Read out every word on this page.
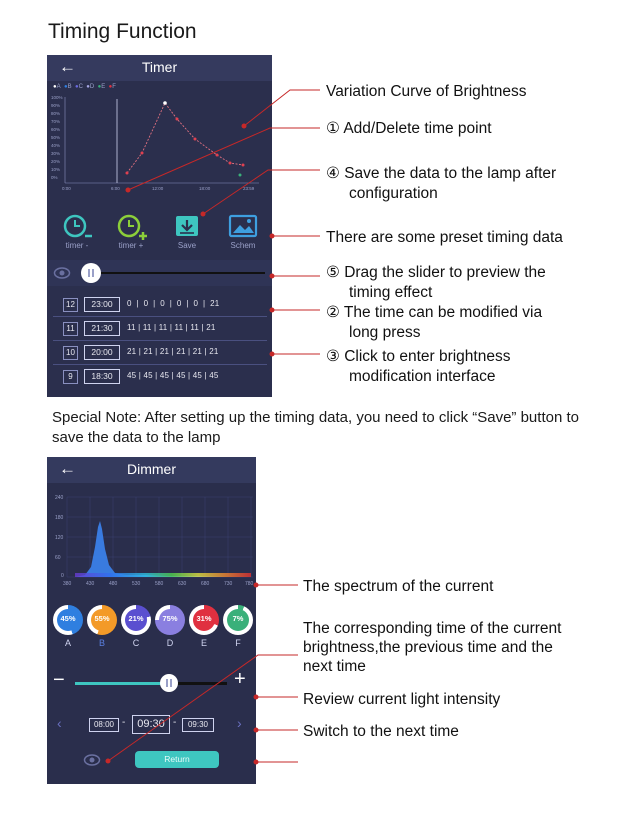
Timing Function
Timer
←
●A ●B ●C ●D ●E ●F
100%
90%
80%
70%
60%
50%
40%
30%
20%
10%
0%
0:00	6:00	12:00	18:00	23:59
timer -	timer +	Save	Schem
12	23:00	0  |  0  |  0  |  0  |  0  |  21
11	21:30	11 | 11 | 11 | 11 | 11 | 21
10	20:00	21 | 21 | 21 | 21 | 21 | 21
9	18:30	45 | 45 | 45 | 45 | 45 | 45
Variation Curve of Brightness
① Add/Delete time point
④ Save the data to the lamp after
configuration
There are some preset timing data
⑤ Drag the slider to preview the
timing effect
② The time can be modified via
long press
③ Click to enter brightness
modification interface
Special Note: After setting up the timing data, you need to click “Save” button to save the data to the lamp
Dimmer
←
240
180
120
60
0
380	430	480	530	580	630	680	730	780
45%
A
55%
B
21%
C
75%
D
31%
E
7%
F
−	+
‹	08:00 -	09:30 -	09:30	›
Return
The spectrum of the current
The corresponding time of the current
brightness,the previous time and the
next time
Review current light intensity
Switch to the next time
